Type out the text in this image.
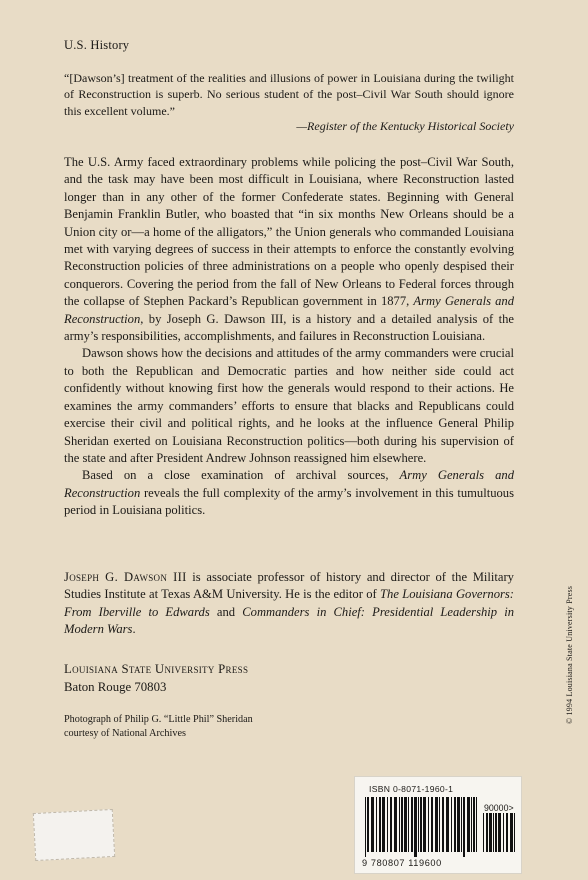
U.S. History
“[Dawson’s] treatment of the realities and illusions of power in Louisiana during the twilight of Reconstruction is superb. No serious student of the post–Civil War South should ignore this excellent volume.”
—Register of the Kentucky Historical Society

The U.S. Army faced extraordinary problems while policing the post–Civil War South, and the task may have been most difficult in Louisiana, where Reconstruction lasted longer than in any other of the former Confederate states. Beginning with General Benjamin Franklin Butler, who boasted that “in six months New Orleans should be a Union city or—a home of the alligators,” the Union generals who commanded Louisiana met with varying degrees of success in their attempts to enforce the constantly evolving Reconstruction policies of three administrations on a people who openly despised their conquerors. Covering the period from the fall of New Orleans to Federal forces through the collapse of Stephen Packard’s Republican government in 1877, Army Generals and Reconstruction, by Joseph G. Dawson III, is a history and a detailed analysis of the army’s responsibilities, accomplishments, and failures in Reconstruction Louisiana.

Dawson shows how the decisions and attitudes of the army commanders were crucial to both the Republican and Democratic parties and how neither side could act confidently without knowing first how the generals would respond to their actions. He examines the army commanders’ efforts to ensure that blacks and Republicans could exercise their civil and political rights, and he looks at the influence General Philip Sheridan exerted on Louisiana Reconstruction politics—both during his supervision of the state and after President Andrew Johnson reassigned him elsewhere.

Based on a close examination of archival sources, Army Generals and Reconstruction reveals the full complexity of the army’s involvement in this tumultuous period in Louisiana politics.

Joseph G. Dawson III is associate professor of history and director of the Military Studies Institute at Texas A&M University. He is the editor of The Louisiana Governors: From Iberville to Edwards and Commanders in Chief: Presidential Leadership in Modern Wars.
Louisiana State University Press
Baton Rouge 70803
Photograph of Philip G. “Little Phil” Sheridan
courtesy of National Archives
ISBN 0-8071-1960-1
90000>
9 780807 119600
© 1994 Louisiana State University Press
